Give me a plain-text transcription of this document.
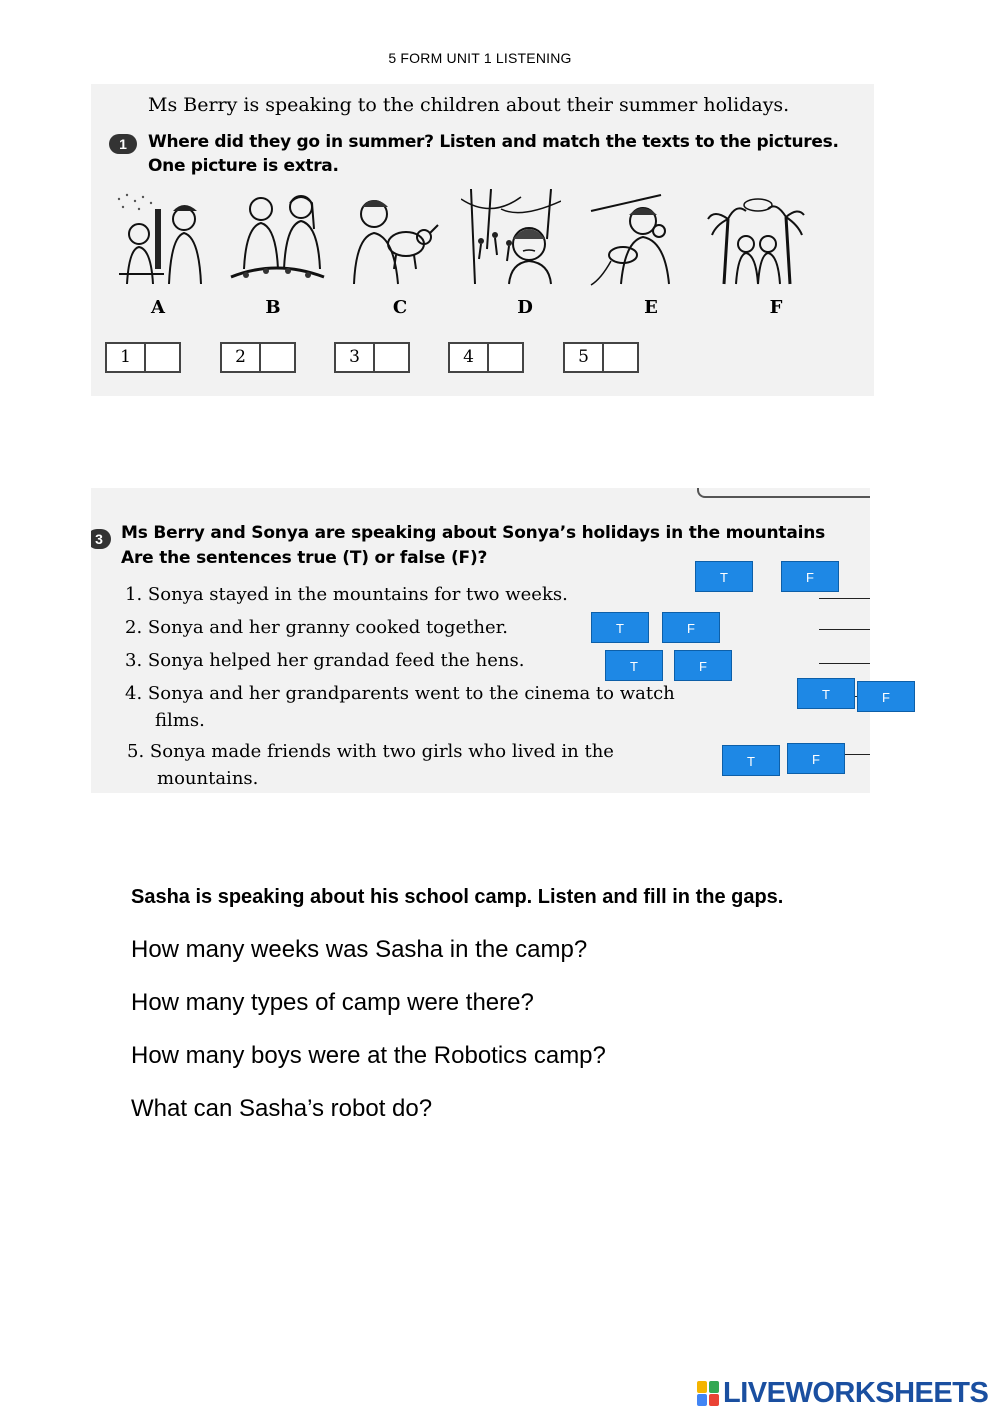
5 FORM UNIT 1 LISTENING
Ms Berry is speaking to the children about their summer holidays.
1	Where did they go in summer? Listen and match the texts to the pictures.
One picture is extra.
A	B	C	D	E	F
1	2	3	4	5
3	Ms Berry and Sonya are speaking about Sonya’s holidays in the mountains
Are the sentences true (T) or false (F)?
1. Sonya stayed in the mountains for two weeks.
2. Sonya and her granny cooked together.
3. Sonya helped her grandad feed the hens.
4. Sonya and her grandparents went to the cinema to watch
films.
5. Sonya made friends with two girls who lived in the
mountains.
T	F
T	F
T	F
T	F
T	F
Sasha is speaking about his school camp. Listen and fill in the gaps.
How many weeks was Sasha in the camp?
How many types of camp were there?
How many boys were at the Robotics camp?
What can Sasha’s robot do?
LIVEWORKSHEETS
